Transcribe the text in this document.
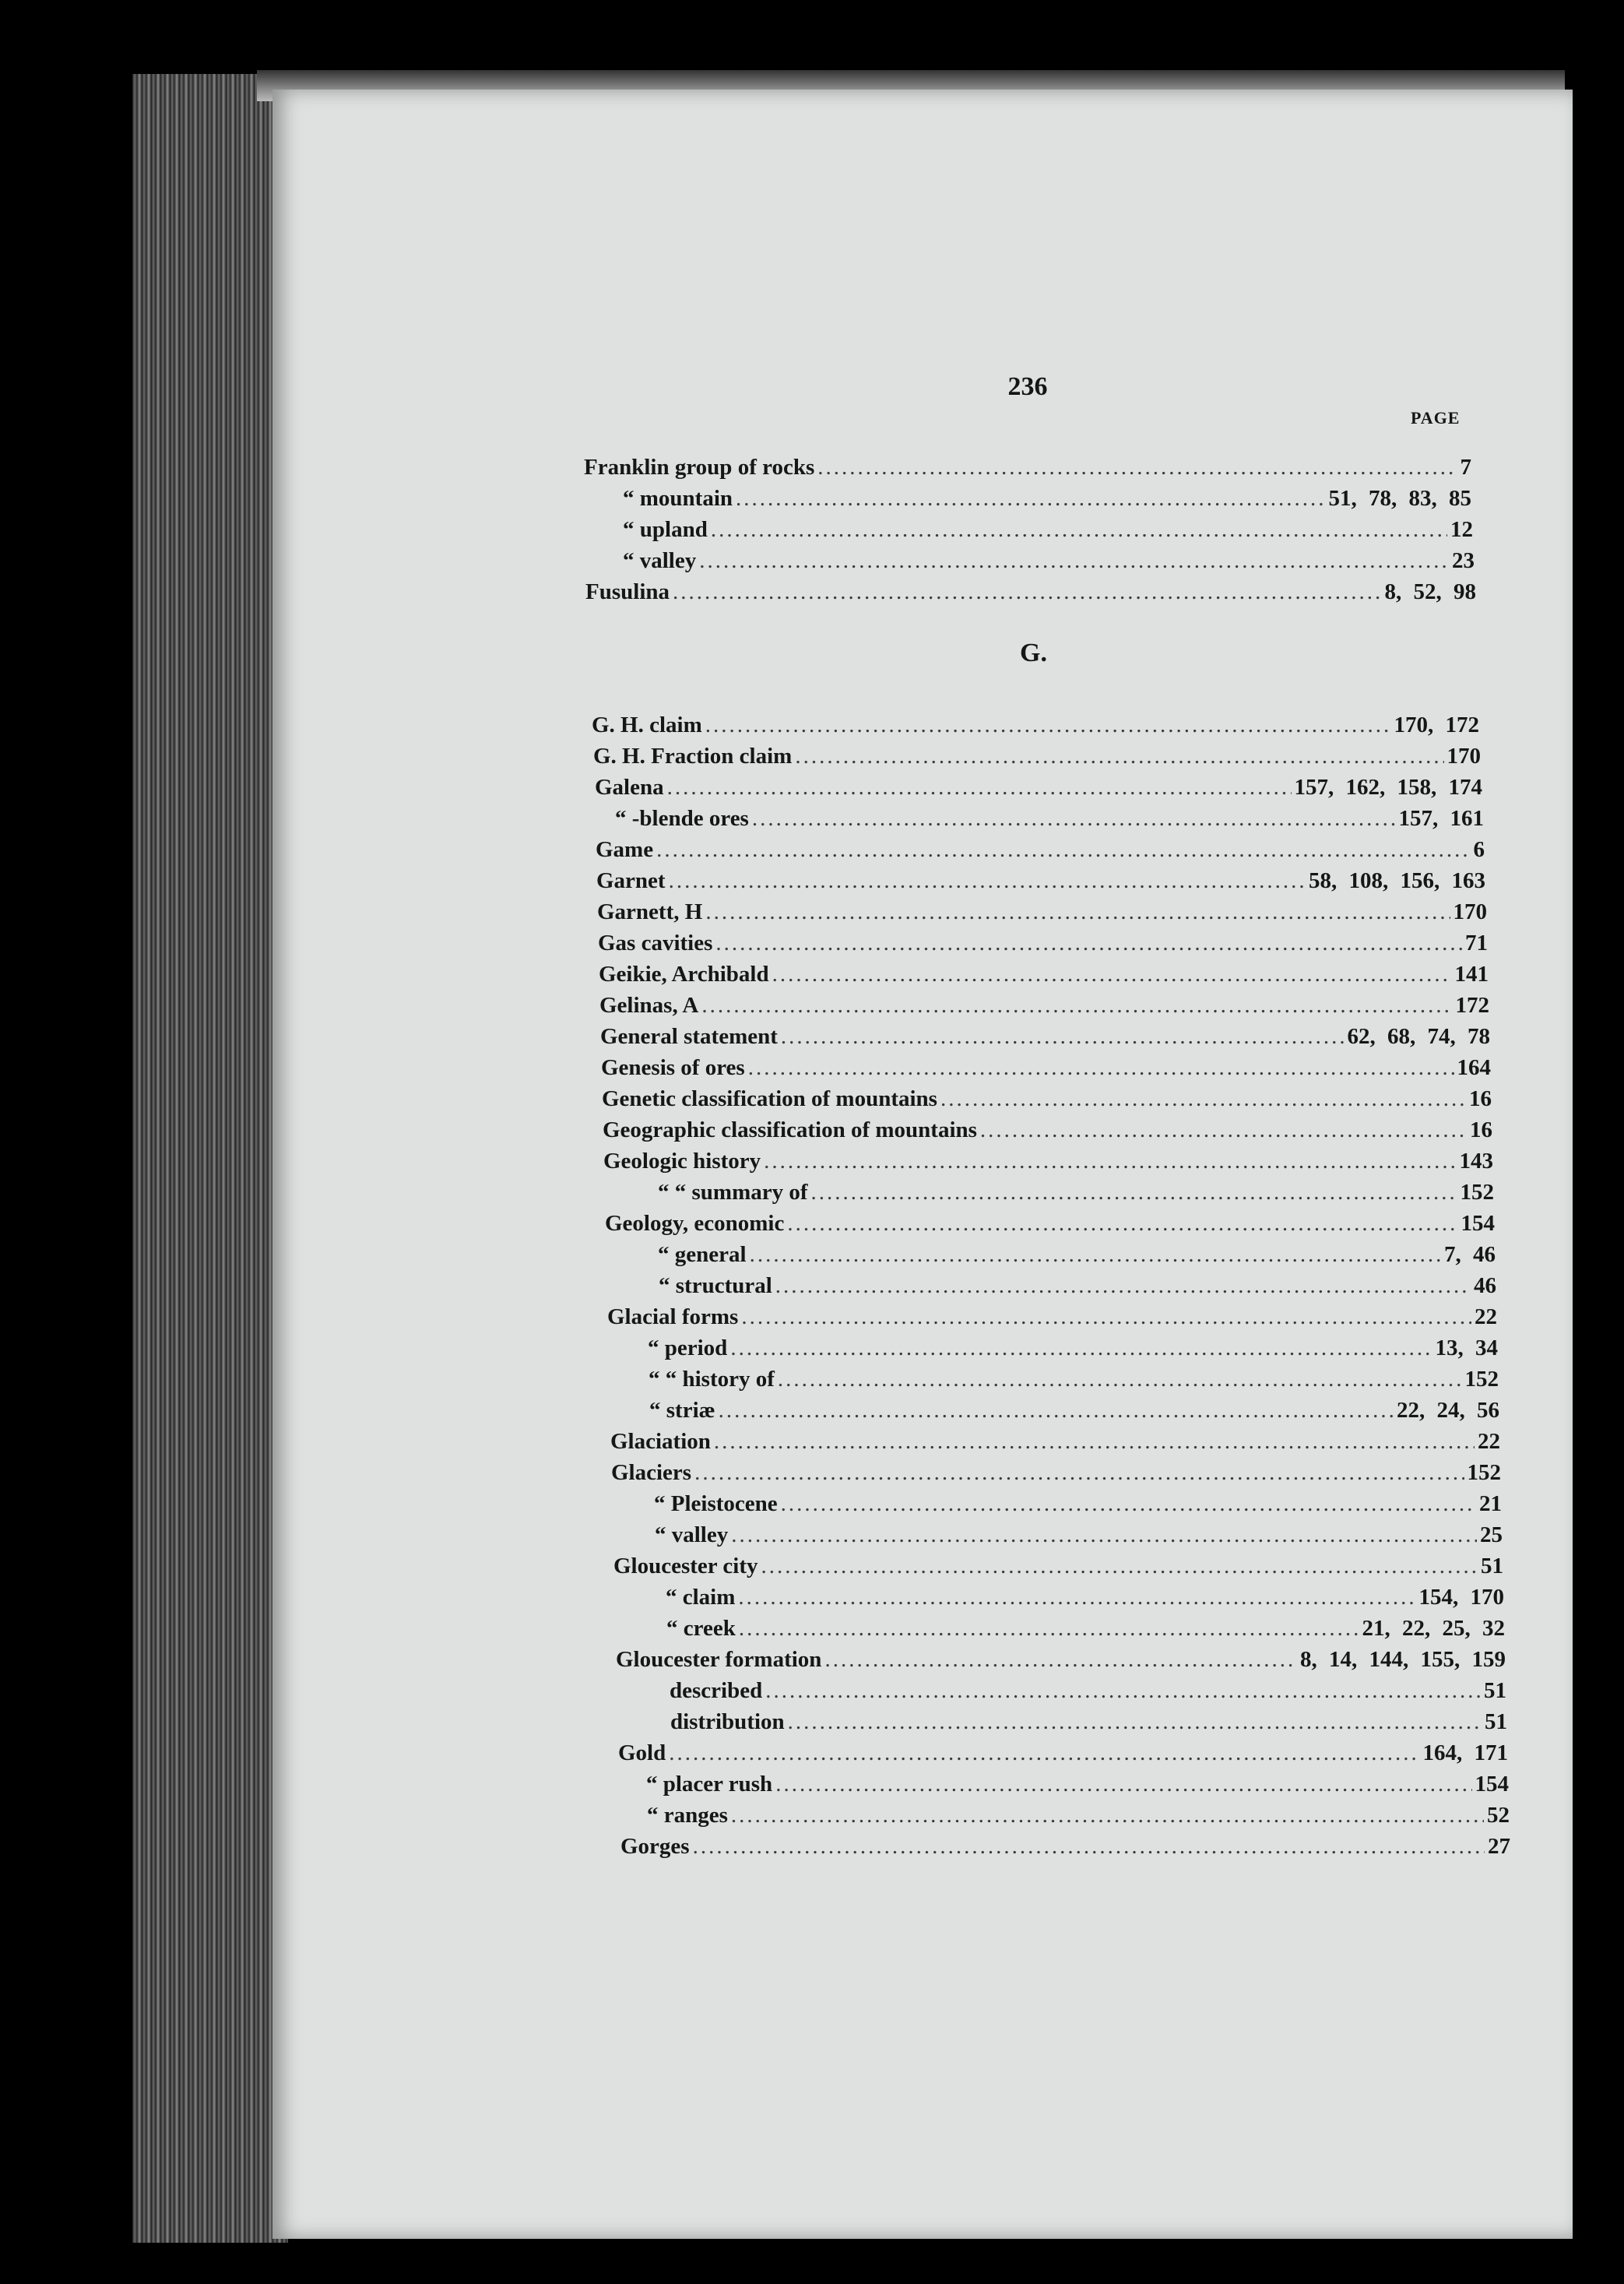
236
PAGE
G.
Franklin group of rocks .....	7
“ mountain .....	51, 78, 83, 85
“ upland .....	12
“ valley .....	23
Fusulina .....	8, 52, 98
G. H. claim .....	170, 172
G. H. Fraction claim .....	170
Galena .....	157, 162, 158, 174
“ -blende ores .....	157, 161
Game .....	6
Garnet .....	58, 108, 156, 163
Garnett, H .....	170
Gas cavities .....	71
Geikie, Archibald .....	141
Gelinas, A .....	172
General statement .....	62, 68, 74, 78
Genesis of ores .....	164
Genetic classification of mountains .....	16
Geographic classification of mountains .....	16
Geologic history .....	143
“ “ summary of .....	152
Geology, economic .....	154
“ general .....	7, 46
“ structural .....	46
Glacial forms .....	22
“ period .....	13, 34
“ “ history of .....	152
“ striæ .....	22, 24, 56
Glaciation .....	22
Glaciers .....	152
“ Pleistocene .....	21
“ valley .....	25
Gloucester city .....	51
“ claim .....	154, 170
“ creek .....	21, 22, 25, 32
Gloucester formation .....	8, 14, 144, 155, 159
described .....	51
distribution .....	51
Gold .....	164, 171
“ placer rush .....	154
“ ranges .....	52
Gorges .....	27
